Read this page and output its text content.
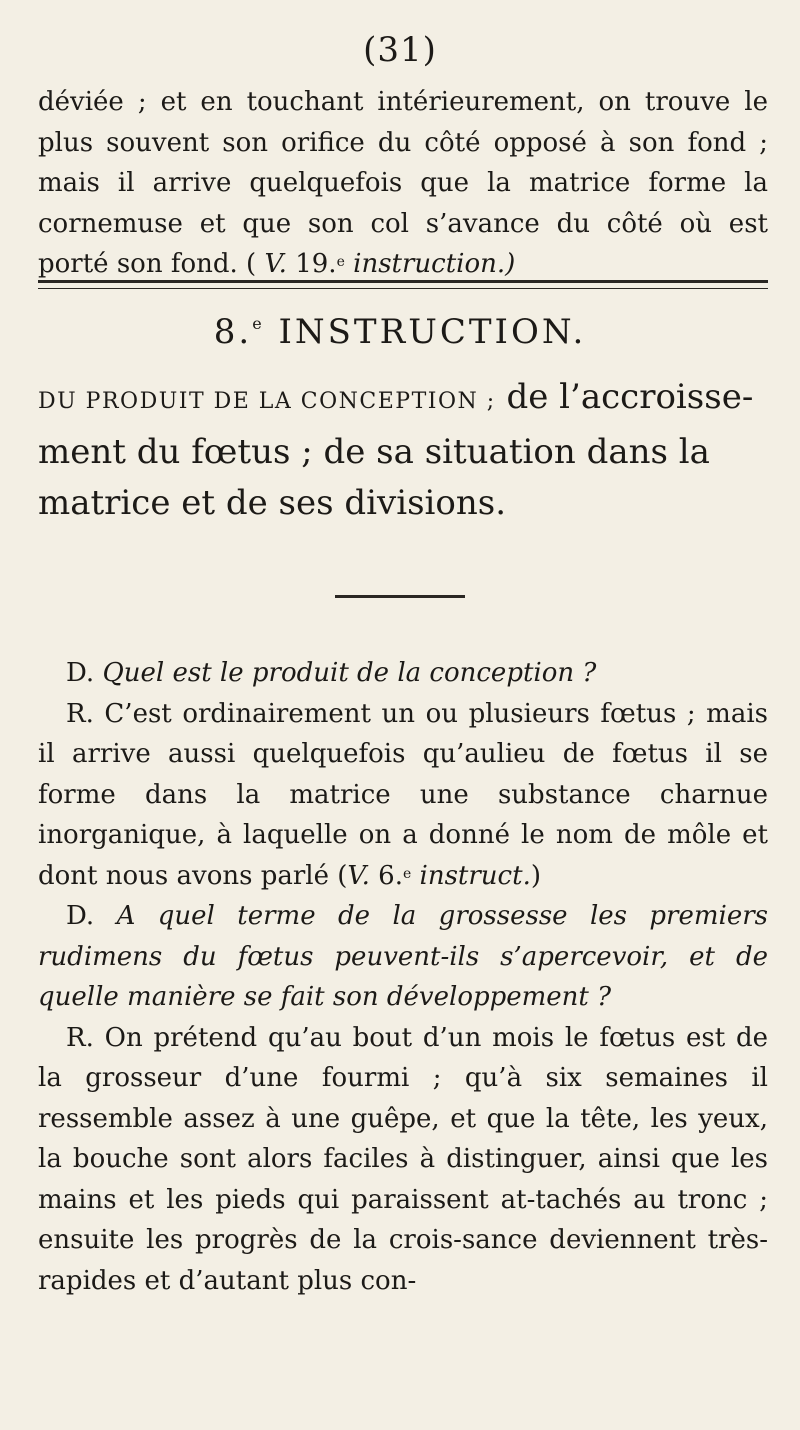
(31)
déviée ; et en touchant intérieurement, on trouve le plus souvent son orifice du côté opposé à son fond ; mais il arrive quelquefois que la matrice forme la cornemuse et que son col s’avance du côté où est porté son fond. ( V. 19.$^e$ instruction.)
8.$^e$ INSTRUCTION.
DU PRODUIT DE LA CONCEPTION ; de l’accroisse-ment du fœtus ; de sa situation dans la matrice et de ses divisions.

D. Quel est le produit de la conception ?

R. C’est ordinairement un ou plusieurs fœtus ; mais il arrive aussi quelquefois qu’aulieu de fœtus il se forme dans la matrice une substance charnue inorganique, à laquelle on a donné le nom de môle et dont nous avons parlé (V. 6.$^e$ instruct.)

D. A quel terme de la grossesse les premiers rudimens du fœtus peuvent-ils s’apercevoir, et de quelle manière se fait son développement ?

R. On prétend qu’au bout d’un mois le fœtus est de la grosseur d’une fourmi ; qu’à six semaines il ressemble assez à une guêpe, et que la tête, les yeux, la bouche sont alors faciles à distinguer, ainsi que les mains et les pieds qui paraissent at-tachés au tronc ; ensuite les progrès de la crois-sance deviennent très-rapides et d’autant plus con-
